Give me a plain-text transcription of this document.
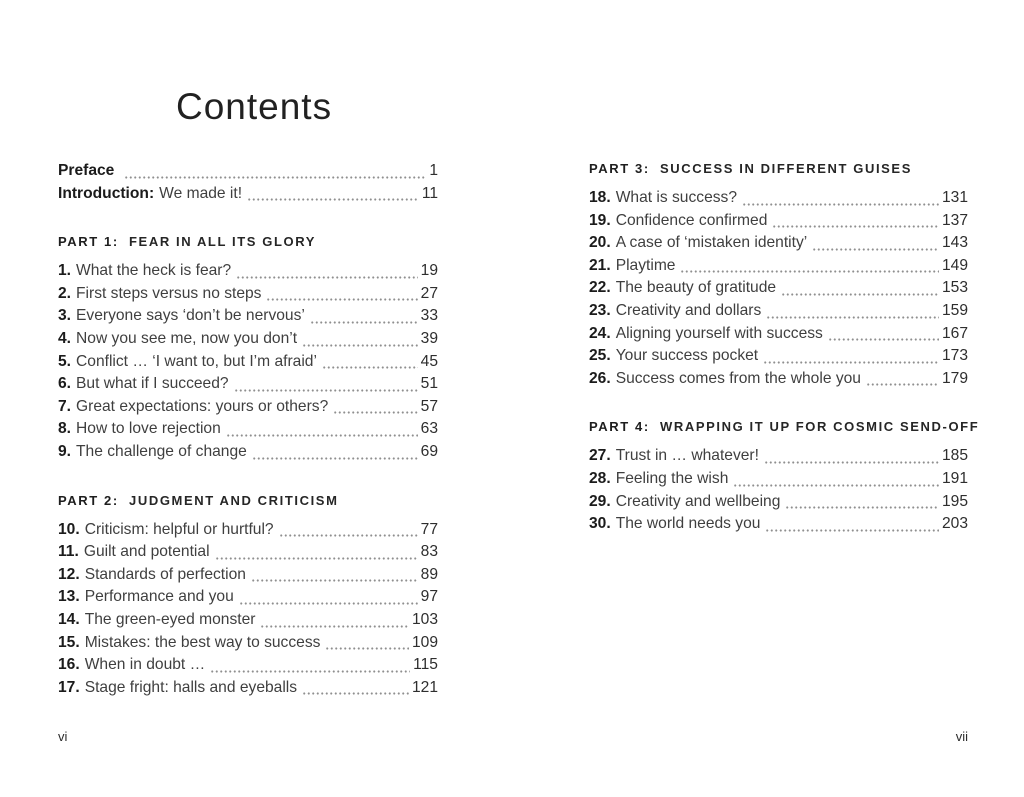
Contents
Preface	1
Introduction: We made it!	11
PART 1: FEAR IN ALL ITS GLORY
1. What the heck is fear?	19
2. First steps versus no steps	27
3. Everyone says ‘don’t be nervous’	33
4. Now you see me, now you don’t	39
5. Conflict … ‘I want to, but I’m afraid’	45
6. But what if I succeed?	51
7. Great expectations: yours or others?	57
8. How to love rejection	63
9. The challenge of change	69
PART 2: JUDGMENT AND CRITICISM
10. Criticism: helpful or hurtful?	77
11. Guilt and potential	83
12. Standards of perfection	89
13. Performance and you	97
14. The green-eyed monster	103
15. Mistakes: the best way to success	109
16. When in doubt …	115
17. Stage fright: halls and eyeballs	121
PART 3: SUCCESS IN DIFFERENT GUISES
18. What is success?	131
19. Confidence confirmed	137
20. A case of ‘mistaken identity’	143
21. Playtime	149
22. The beauty of gratitude	153
23. Creativity and dollars	159
24. Aligning yourself with success	167
25. Your success pocket	173
26. Success comes from the whole you	179
PART 4: WRAPPING IT UP FOR COSMIC SEND-OFF
27. Trust in … whatever!	185
28. Feeling the wish	191
29. Creativity and wellbeing	195
30. The world needs you	203
vi	vii
